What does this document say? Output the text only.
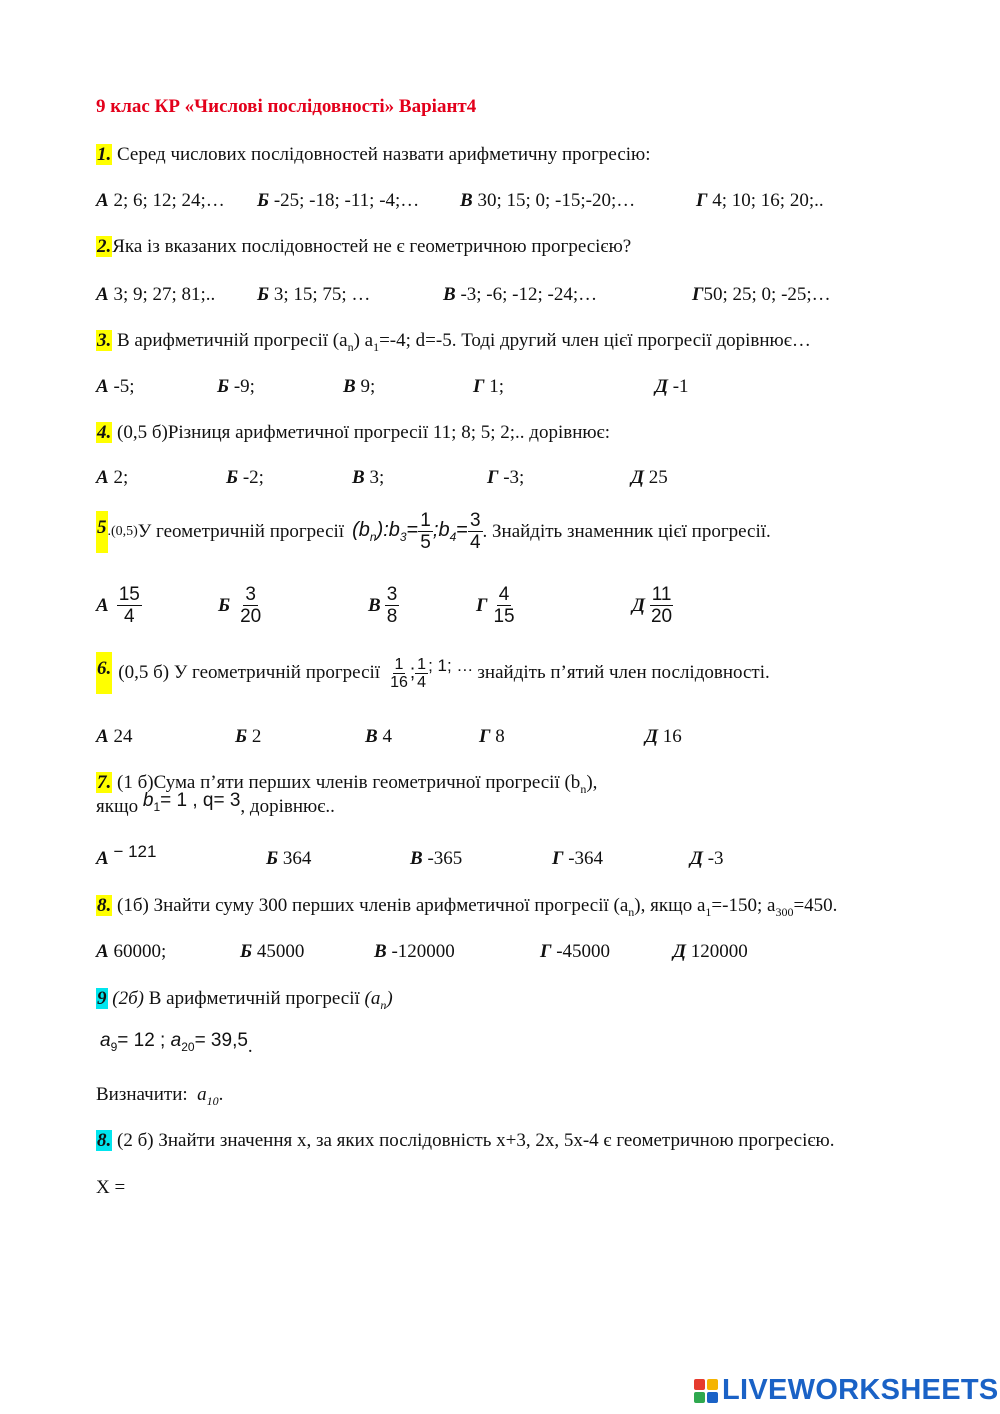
9 клас КР «Числові послідовності» Варіант4
1. Серед числових послідовностей назвати арифметичну прогресію:
А 2; 6; 12; 24;… Б -25; -18; -11; -4;… В 30; 15; 0; -15;-20;…	Г 4; 10; 16; 20;..
2.Яка із вказаних послідовностей не є геометричною прогресією?
А 3; 9; 27; 81;.. Б 3; 15; 75; …	В -3; -6; -12; -24;…	Г50; 25; 0; -25;…
3. В арифметичній прогресії $(a_n)$ $a_1=-4$; d=-5. Тоді другий член цієї прогресії дорівнює…
А -5;	Б -9;	В 9;	Г 1;	Д -1
4. (0,5 б)Різниця арифметичної прогресії 11; 8; 5; 2;.. дорівнює:
А 2;	Б -2;	В 3;	Г -3;	Д 25
5 .(0,5) У геометричній прогресії $(b_n):b_3= \frac{1}{5}$ $;b_4= \frac{3}{4}$ . Знайдіть знаменник цієї прогресії.
А $\frac{15}{4}$	Б $\frac{3}{20}$	В $\frac{3}{8}$	Г $\frac{4}{15}$	Д $\frac{11}{20}$
6. (0,5 б) У геометричній прогресії $\frac{1}{16}$ ; $\frac{1}{4}$ ; 1; … знайдіть п’ятий член послідовності.
А 24	Б 2	В 4	Г 8	Д 16
7. (1 б)Сума п’яти перших членів геометричної прогресії $(b_n)$,
якщо $b_1= 1$ , q= 3, дорівнює..
А − 121	Б 364	В -365	Г -364	Д -3
8. (1б) Знайти суму 300 перших членів арифметичної прогресії $(a_n)$, якщо $a_1=-150$; $a_{300}=450$.
А 60000;	Б 45000	В -120000	Г -45000	Д 120000
9 (2б) В арифметичній прогресії $(a_n)$
$a_9= 12$ ; $a_{20}= 39,5$.
Визначити: $a_{10}$.
8. (2 б) Знайти значення х, за яких послідовність х+3, 2х, 5х-4 є геометричною прогресією.
Х =
LIVEWORKSHEETS
